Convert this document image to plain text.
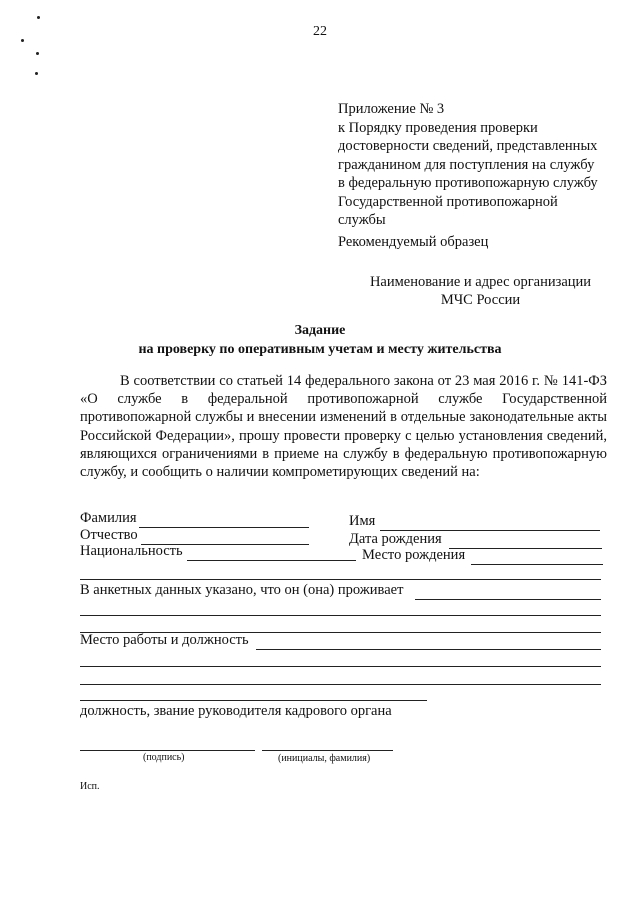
22
Приложение № 3
к Порядку проведения проверки
достоверности сведений, представленных
гражданином для поступления на службу
в федеральную противопожарную службу
Государственной противопожарной
службы
Рекомендуемый образец
Наименование и адрес организации
МЧС России
Задание
на проверку по оперативным учетам и месту жительства
В соответствии со статьей 14 федерального закона от 23 мая 2016 г. № 141-ФЗ «О службе в федеральной противопожарной службе Государственной противопожарной службы и внесении изменений в отдельные законодательные акты Российской Федерации», прошу провести проверку с целью установления сведений, являющихся ограничениями в приеме на службу в федеральную противопожарную службу, и сообщить о наличии компрометирующих сведений на:
Фамилия	Имя
Отчество	Дата рождения
Национальность	Место рождения
В анкетных данных указано, что он (она) проживает
Место работы и должность
должность, звание руководителя кадрового органа
(подпись)	(инициалы, фамилия)
Исп.
